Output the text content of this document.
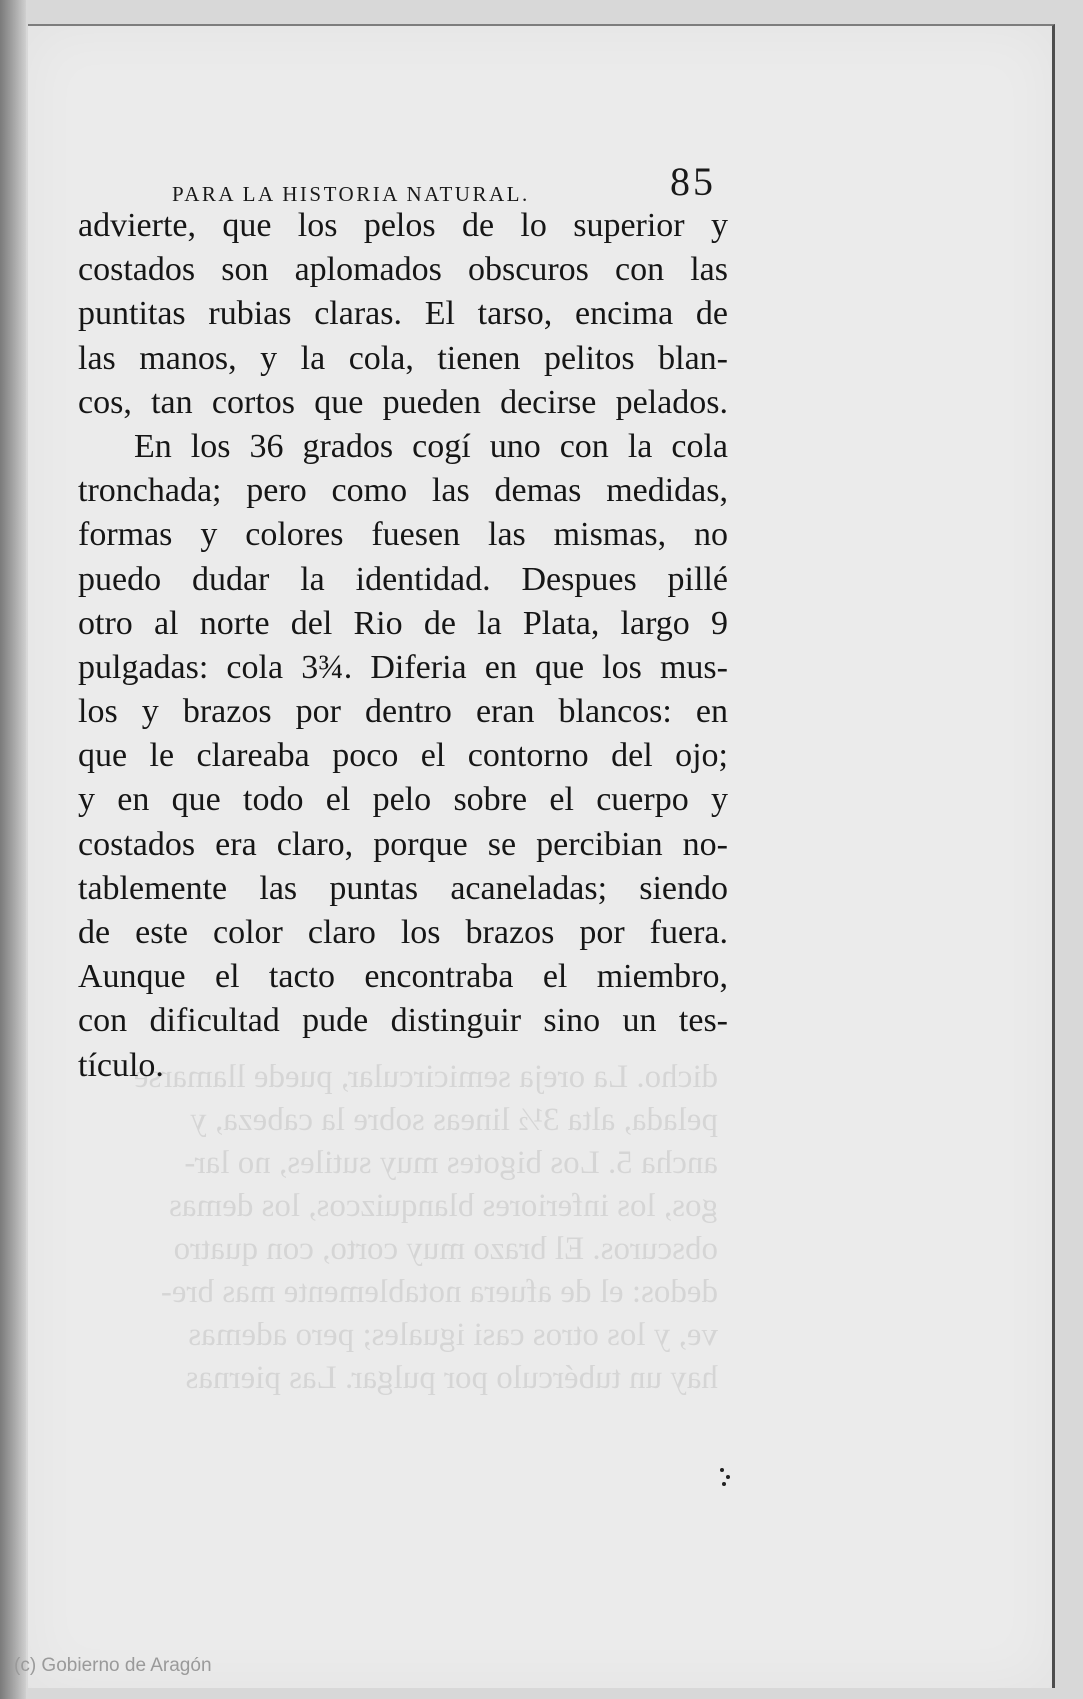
dicho. La oreja semicircular, puede llamarse
pelada, alta 3½ lineas sobre la cabeza, y
ancha 5. Los bigotes muy sutiles, no lar-
gos, los inferiores blanquizcos, los demas
obscuros. El brazo muy corto, con quatro
dedos: el de afuera notablemente mas bre-
ve, y los otros casi iguales; pero ademas
hay un tubérculo por pulgar. Las piernas
PARA LA HISTORIA NATURAL.	85
advierte, que los pelos de lo superior y
costados son aplomados obscuros con las
puntitas rubias claras. El tarso, encima de
las manos, y la cola, tienen pelitos blan-
cos, tan cortos que pueden decirse pelados.
En los 36 grados cogí uno con la cola
tronchada; pero como las demas medidas,
formas y colores fuesen las mismas, no
puedo dudar la identidad. Despues pillé
otro al norte del Rio de la Plata, largo 9
pulgadas: cola 3¾. Diferia en que los mus-
los y brazos por dentro eran blancos: en
que le clareaba poco el contorno del ojo;
y en que todo el pelo sobre el cuerpo y
costados era claro, porque se percibian no-
tablemente las puntas acaneladas; siendo
de este color claro los brazos por fuera.
Aunque el tacto encontraba el miembro,
con dificultad pude distinguir sino un tes-
tículo.
(c) Gobierno de Aragón
